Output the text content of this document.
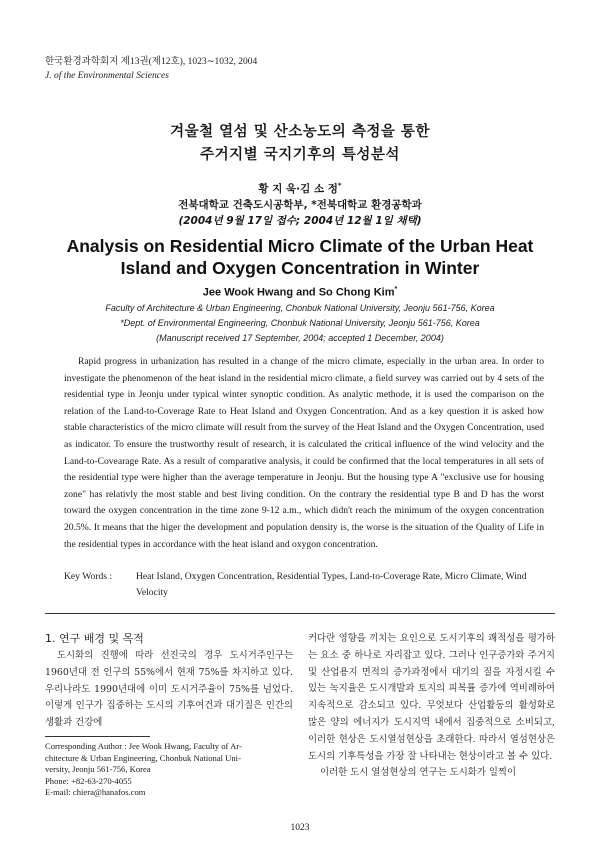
한국환경과학회지 제13권(제12호), 1023∼1032, 2004
J. of the Environmental Sciences
겨울철 열섬 및 산소농도의 측정을 통한
주거지별 국지기후의 특성분석
황 지 욱·김 소 정*
전북대학교 건축도시공학부, *전북대학교 환경공학과
(2004년 9월 17일 접수; 2004년 12월 1일 채택)
Analysis on Residential Micro Climate of the Urban Heat
Island and Oxygen Concentration in Winter
Jee Wook Hwang and So Chong Kim*
Faculty of Architecture & Urban Engineering, Chonbuk National University, Jeonju 561-756, Korea
*Dept. of Environmental Engineering, Chonbuk National University, Jeonju 561-756, Korea
(Manuscript received 17 September, 2004; accepted 1 December, 2004)

Rapid progress in urbanization has resulted in a change of the micro climate, especially in the urban area. In order to investigate the phenomenon of the heat island in the residential micro climate, a field survey was carried out by 4 sets of the residential type in Jeonju under typical winter synoptic condition. As analytic methode, it is used the comparison on the relation of the Land-to-Coverage Rate to Heat Island and Oxygen Concentration. And as a key question it is asked how stable characteristics of the micro climate will result from the survey of the Heat Island and the Oxygen Concentration, used as indicator. To ensure the trustworthy result of research, it is calculated the critical influence of the wind velocity and the Land-to-Covearage Rate. As a result of comparative analysis, it could be confirmed that the local temperatures in all sets of the residential type were higher than the average temperature in Jeonju. But the housing type A "exclusive use for housing zone" has relativly the most stable and best living condition. On the contrary the residential type B and D has the worst toward the oxygen concentration in the time zone 9-12 a.m., which didn't reach the minimum of the oxygen concentration 20.5%. It means that the higer the development and population density is, the worse is the situation of the Quality of Life in the residential types in accordance with the heat island and oxygon concentration.

Key Words : Heat Island, Oxygen Concentration, Residential Types, Land-to-Coverage Rate, Micro Climate, Wind Velocity
1. 연구 배경 및 목적
도시화의 진행에 따라 선진국의 경우 도시거주인구는 1960년대 전 인구의 55%에서 현재 75%를 차지하고 있다. 우리나라도 1990년대에 이미 도시거주율이 75%를 넘었다. 이렇게 인구가 집중하는 도시의 기후여건과 대기질은 인간의 생활과 건강에
Corresponding Author : Jee Wook Hwang, Faculty of Ar-
chitecture & Urban Engineering, Chonbuk National Uni-
versity, Jeonju 561-756, Korea
Phone: +82-63-270-4055
E-mail: chiera@hanafos.com
커다란 영향을 끼치는 요인으로 도시기후의 쾌적성을 평가하는 요소 중 하나로 자리잡고 있다. 그러나 인구증가와 주거지 및 산업용지 면적의 증가과정에서 대기의 질을 자정시킬 수 있는 녹지율은 도시개발과 토지의 피복률 증가에 역비례하여 지속적으로 감소되고 있다. 무엇보다 산업활동의 활성화로 많은 양의 에너지가 도시지역 내에서 집중적으로 소비되고, 이러한 현상은 도시열섬현상을 초래한다. 따라서 열섬현상은 도시의 기후특성을 가장 잘 나타내는 현상이라고 볼 수 있다.
이러한 도시 열섬현상의 연구는 도시화가 일찍이
1023
